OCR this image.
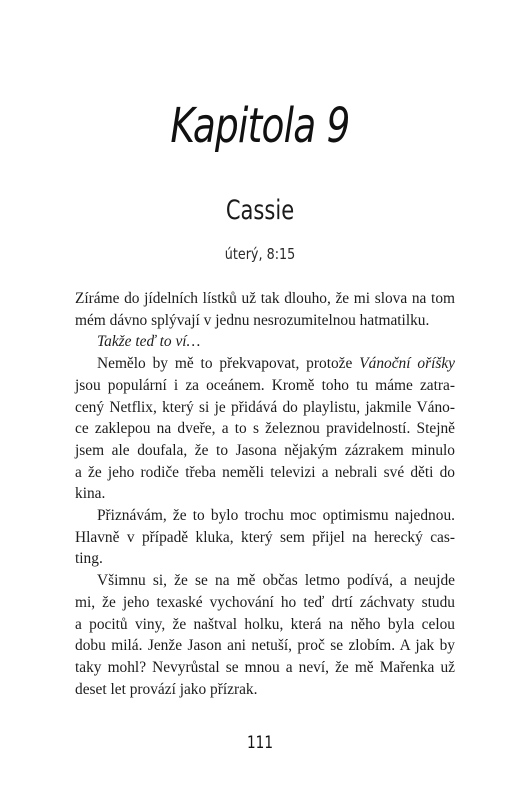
Kapitola 9
Cassie
úterý, 8:15
Zíráme do jídelních lístků už tak dlouho, že mi slova na tom
mém dávno splývají v jednu nesrozumitelnou hatmatilku.
Takže teď to ví…
Nemělo by mě to překvapovat, protože Vánoční oříšky
jsou populární i za oceánem. Kromě toho tu máme zatra-
cený Netflix, který si je přidává do playlistu, jakmile Váno-
ce zaklepou na dveře, a to s železnou pravidelností. Stejně
jsem ale doufala, že to Jasona nějakým zázrakem minulo
a že jeho rodiče třeba neměli televizi a nebrali své děti do
kina.
Přiznávám, že to bylo trochu moc optimismu najednou.
Hlavně v případě kluka, který sem přijel na herecký cas-
ting.
Všimnu si, že se na mě občas letmo podívá, a neujde
mi, že jeho texaské vychování ho teď drtí záchvaty studu
a pocitů viny, že naštval holku, která na něho byla celou
dobu milá. Jenže Jason ani netuší, proč se zlobím. A jak by
taky mohl? Nevyrůstal se mnou a neví, že mě Mařenka už
deset let provází jako přízrak.
111
